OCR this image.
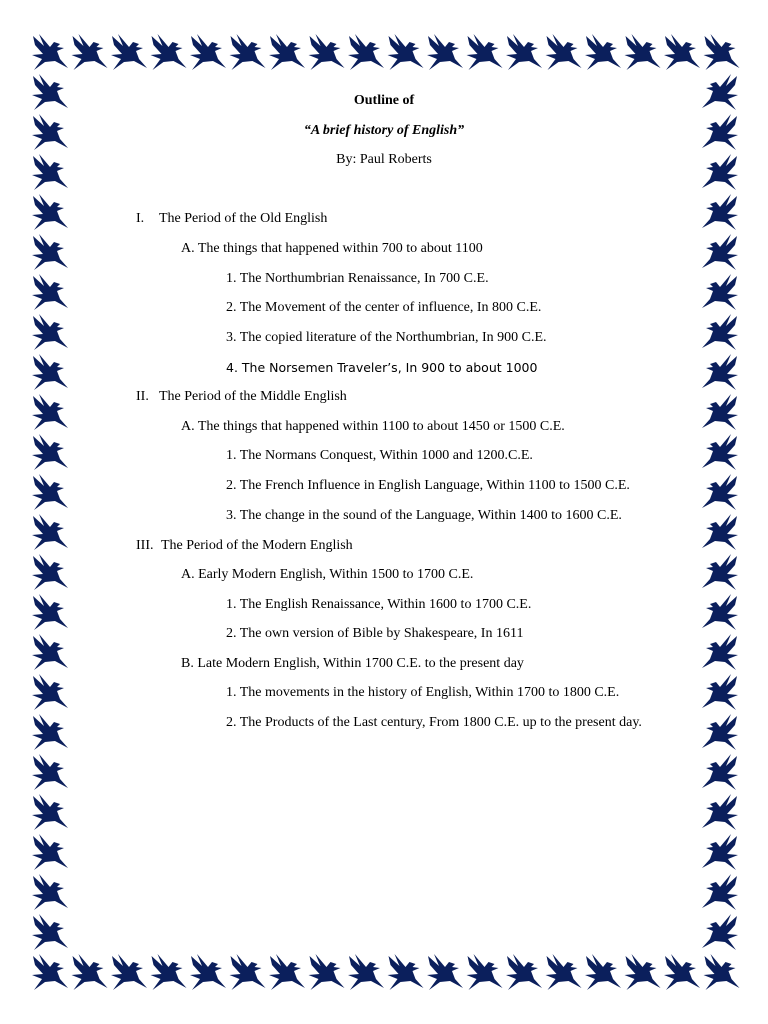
Outline of
“A brief history of English”
By: Paul Roberts
I. The Period of the Old English
A. The things that happened within 700 to about 1100
1. The Northumbrian Renaissance, In 700 C.E.
2. The Movement of the center of influence, In 800 C.E.
3. The copied literature of the Northumbrian, In 900 C.E.
4. The Norsemen Traveler’s, In 900 to about 1000
II. The Period of the Middle English
A. The things that happened within 1100 to about 1450 or 1500 C.E.
1. The Normans Conquest, Within 1000 and 1200.C.E.
2. The French Influence in English Language, Within 1100 to 1500 C.E.
3. The change in the sound of the Language, Within 1400 to 1600 C.E.
III. The Period of the Modern English
A. Early Modern English, Within 1500 to 1700 C.E.
1. The English Renaissance, Within 1600 to 1700 C.E.
2. The own version of Bible by Shakespeare, In 1611
B. Late Modern English, Within 1700 C.E. to the present day
1. The movements in the history of English, Within 1700 to 1800 C.E.
2. The Products of the Last century, From 1800 C.E. up to the present day.
